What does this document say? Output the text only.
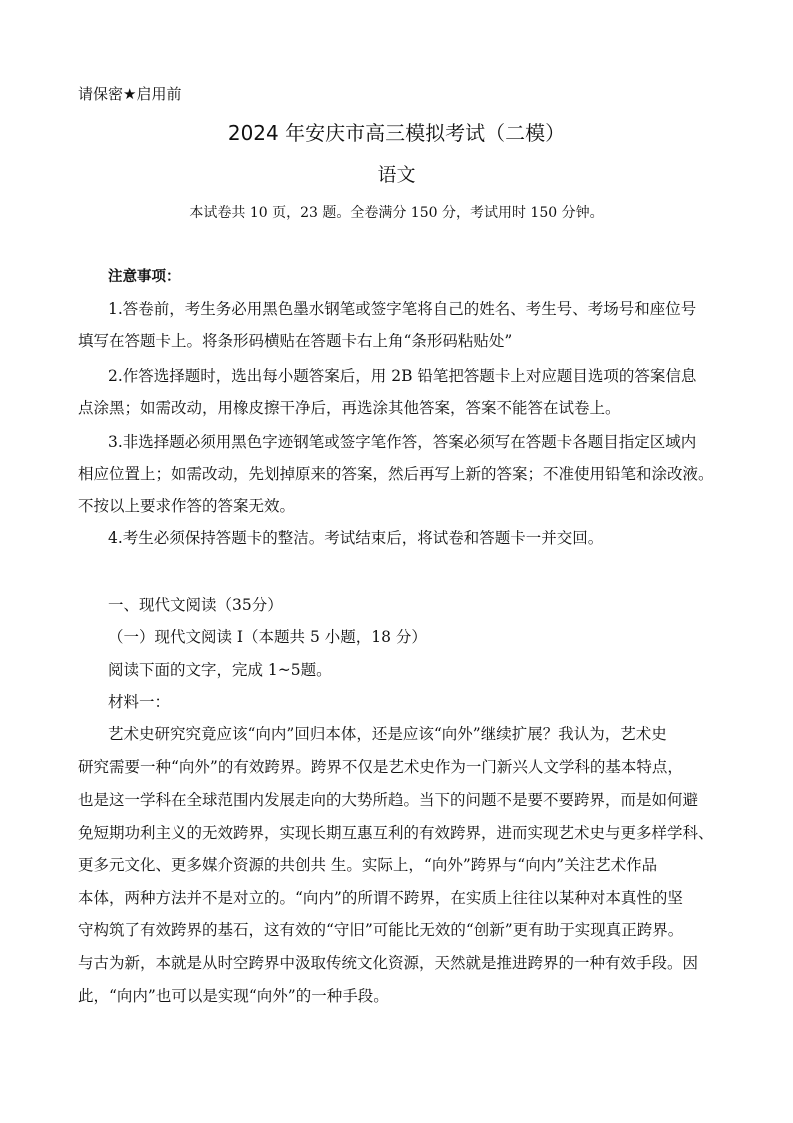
请保密★启用前
2024 年安庆市高三模拟考试（二模）
语文
本试卷共 10 页，23 题。全卷满分 150 分，考试用时 150 分钟。
注意事项：
1.答卷前，考生务必用黑色墨水钢笔或签字笔将自己的姓名、考生号、考场号和座位号
填写在答题卡上。将条形码横贴在答题卡右上角“条形码粘贴处”
2.作答选择题时，选出每小题答案后，用 2B 铅笔把答题卡上对应题目选项的答案信息
点涂黑；如需改动，用橡皮擦干净后，再选涂其他答案，答案不能答在试卷上。
3.非选择题必须用黑色字迹钢笔或签字笔作答，答案必须写在答题卡各题目指定区域内
相应位置上；如需改动，先划掉原来的答案，然后再写上新的答案；不准使用铅笔和涂改液。
不按以上要求作答的答案无效。
4.考生必须保持答题卡的整洁。考试结束后，将试卷和答题卡一并交回。
一、现代文阅读（35分）
（一）现代文阅读 I（本题共 5 小题，18 分）
阅读下面的文字，完成 1~5题。
材料一：
艺术史研究究竟应该“向内”回归本体，还是应该“向外”继续扩展？我认为，艺术史
研究需要一种“向外”的有效跨界。跨界不仅是艺术史作为一门新兴人文学科的基本特点，
也是这一学科在全球范围内发展走向的大势所趋。当下的问题不是要不要跨界，而是如何避
免短期功利主义的无效跨界，实现长期互惠互利的有效跨界，进而实现艺术史与更多样学科、
更多元文化、更多媒介资源的共创共 生。实际上，“向外”跨界与“向内”关注艺术作品
本体，两种方法并不是对立的。“向内”的所谓不跨界，在实质上往往以某种对本真性的坚
守构筑了有效跨界的基石，这有效的“守旧”可能比无效的“创新”更有助于实现真正跨界。
与古为新，本就是从时空跨界中汲取传统文化资源，天然就是推进跨界的一种有效手段。因
此，“向内”也可以是实现“向外”的一种手段。
